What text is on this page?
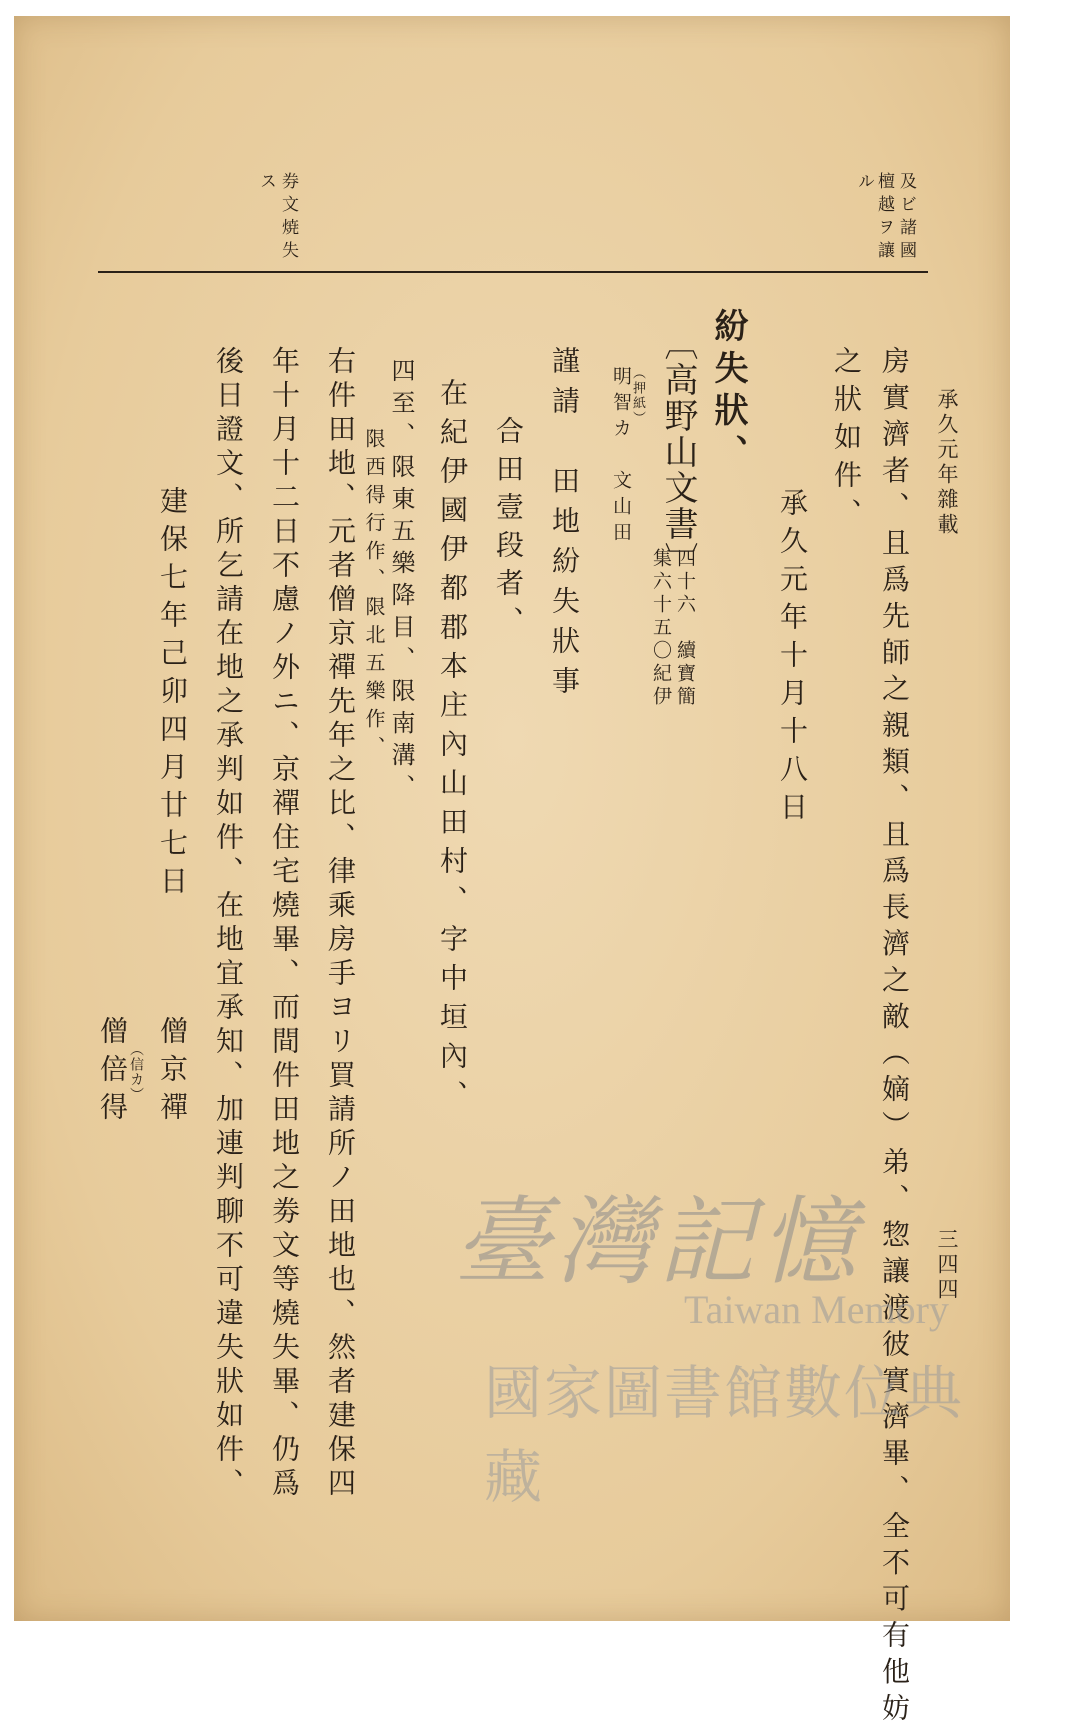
承久元年雜載
三四四
及ビ諸國
檀越ヲ讓
ル
券文焼失
ス
房實濟者、且爲先師之親類、且爲長濟之敵（嫡）弟、惣讓渡彼實濟畢、全不可有他妨
之狀如件、
承久元年十月十八日
紛失狀、
〔高野山文書〕
四十六　續寶簡
集六十五〇紀伊
（押紙）
明智カ　文山田
謹請　田地紛失狀事
合田壹段者、
在紀伊國伊都郡本庄內山田村、字中垣內、
四至、限東五樂降目、限南溝、
限西得行作、限北五樂作、
右件田地、元者僧京禪先年之比、律乘房手ヨリ買請所ノ田地也、然者建保四
年十月十二日不慮ノ外ニ、京禪住宅燒畢、而間件田地之劵文等燒失畢、仍爲
後日證文、所乞請在地之承判如件、在地宜承知、加連判聊不可違失狀如件、
建保七年己卯四月廿七日
僧京禪
（信カ）
僧倍得
臺灣記憶
Taiwan Memory
國家圖書館數位典藏
